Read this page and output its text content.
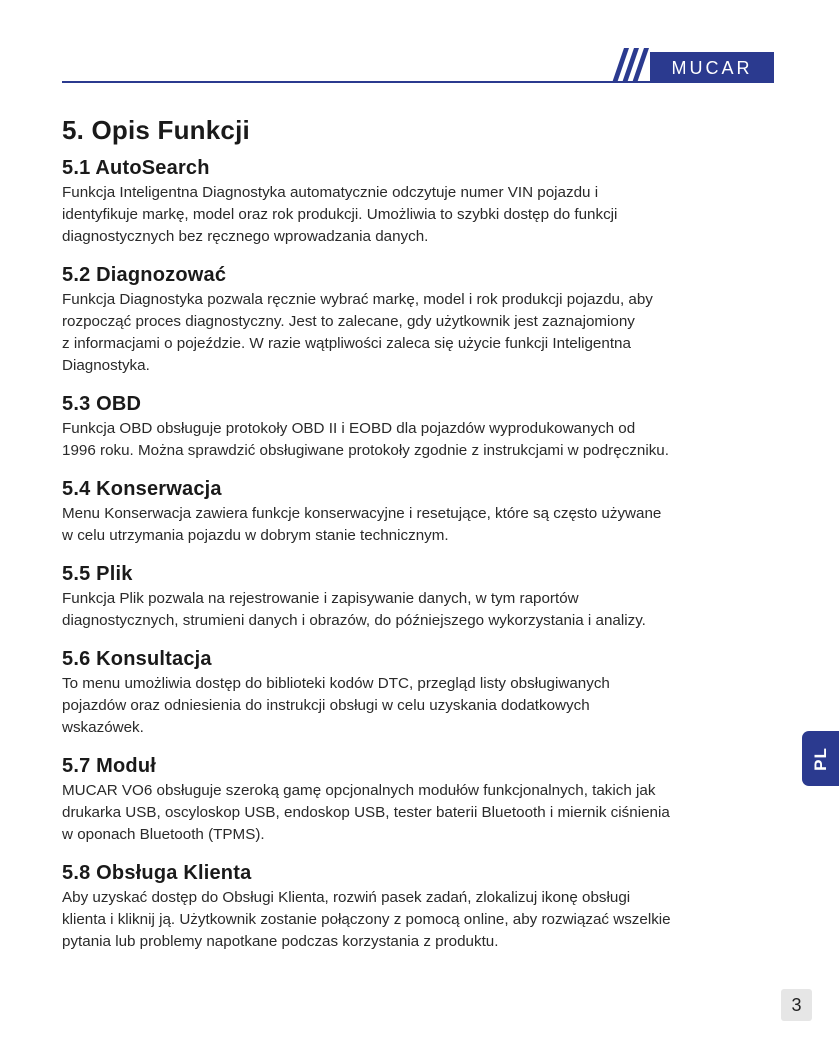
MUCAR
5. Opis Funkcji
5.1 AutoSearch

Funkcja Inteligentna Diagnostyka automatycznie odczytuje numer VIN pojazdu i
identyfikuje markę, model oraz rok produkcji. Umożliwia to szybki dostęp do funkcji
diagnostycznych bez ręcznego wprowadzania danych.

5.2 Diagnozować

Funkcja Diagnostyka pozwala ręcznie wybrać markę, model i rok produkcji pojazdu, aby
rozpocząć proces diagnostyczny. Jest to zalecane, gdy użytkownik jest zaznajomiony
z informacjami o pojeździe. W razie wątpliwości zaleca się użycie funkcji Inteligentna
Diagnostyka.

5.3 OBD

Funkcja OBD obsługuje protokoły OBD II i EOBD dla pojazdów wyprodukowanych od
1996 roku. Można sprawdzić obsługiwane protokoły zgodnie z instrukcjami w podręczniku.

5.4 Konserwacja

Menu Konserwacja zawiera funkcje konserwacyjne i resetujące, które są często używane
w celu utrzymania pojazdu w dobrym stanie technicznym.

5.5 Plik

Funkcja Plik pozwala na rejestrowanie i zapisywanie danych, w tym raportów
diagnostycznych, strumieni danych i obrazów, do późniejszego wykorzystania i analizy.

5.6 Konsultacja

To menu umożliwia dostęp do biblioteki kodów DTC, przegląd listy obsługiwanych
pojazdów oraz odniesienia do instrukcji obsługi w celu uzyskania dodatkowych
wskazówek.

5.7 Moduł

MUCAR VO6 obsługuje szeroką gamę opcjonalnych modułów funkcjonalnych, takich jak
drukarka USB, oscyloskop USB, endoskop USB, tester baterii Bluetooth i miernik ciśnienia
w oponach Bluetooth (TPMS).

5.8 Obsługa Klienta

Aby uzyskać dostęp do Obsługi Klienta, rozwiń pasek zadań, zlokalizuj ikonę obsługi
klienta i kliknij ją. Użytkownik zostanie połączony z pomocą online, aby rozwiązać wszelkie
pytania lub problemy napotkane podczas korzystania z produktu.

PL
3
